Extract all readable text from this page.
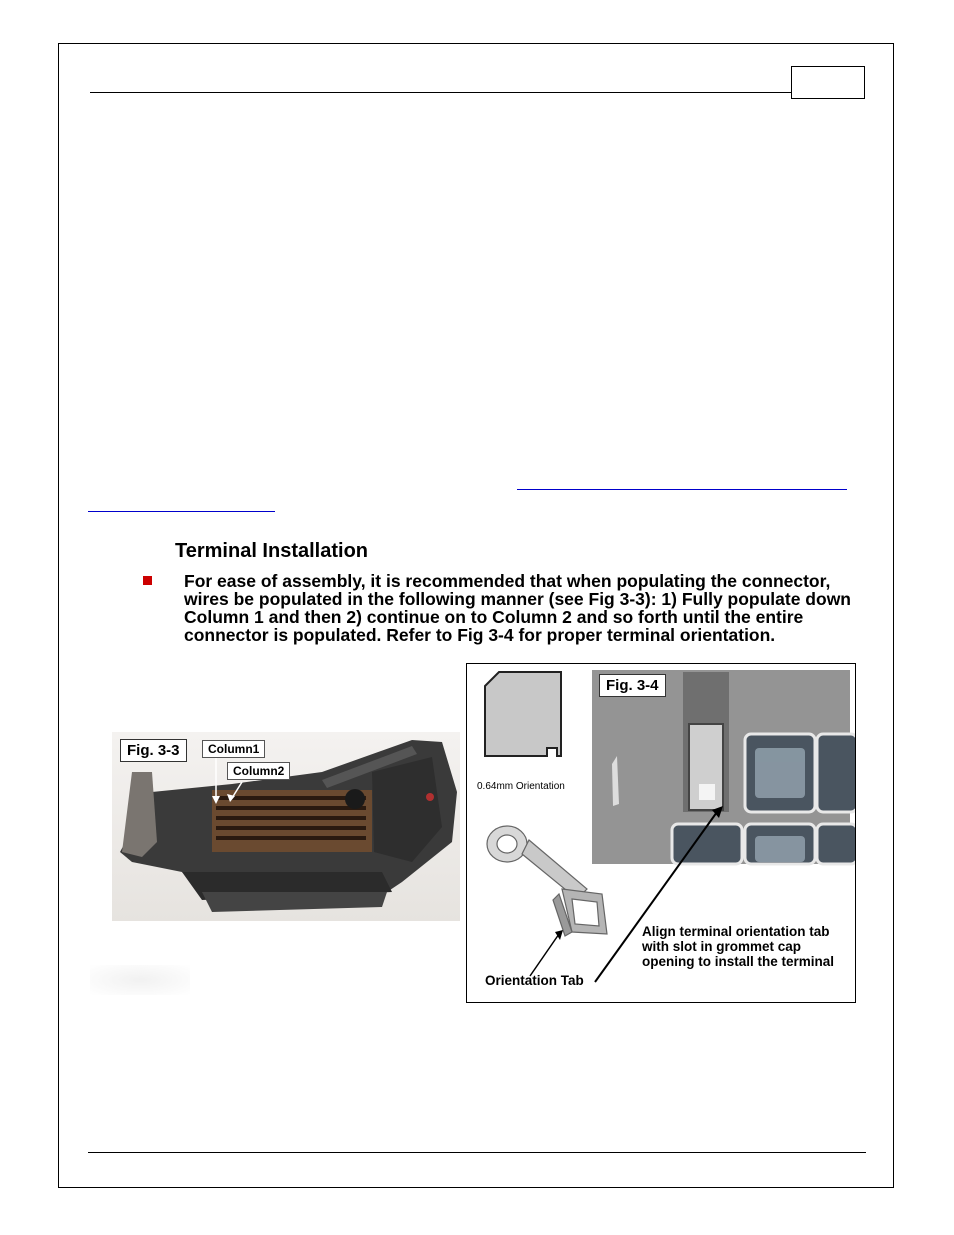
Terminal Installation

For ease of assembly, it is recommended that when populating the connector, wires be populated in the following manner (see Fig 3-3): 1) Fully populate down Column 1 and then 2) continue on to Column 2 and so forth until the entire connector is populated. Refer to Fig 3-4 for proper terminal orientation.

Fig. 3-3	Column1
Column2
0.64mm Orientation
Fig. 3-4
Orientation Tab
Align terminal orientation tab with slot in grommet cap opening to install the terminal
